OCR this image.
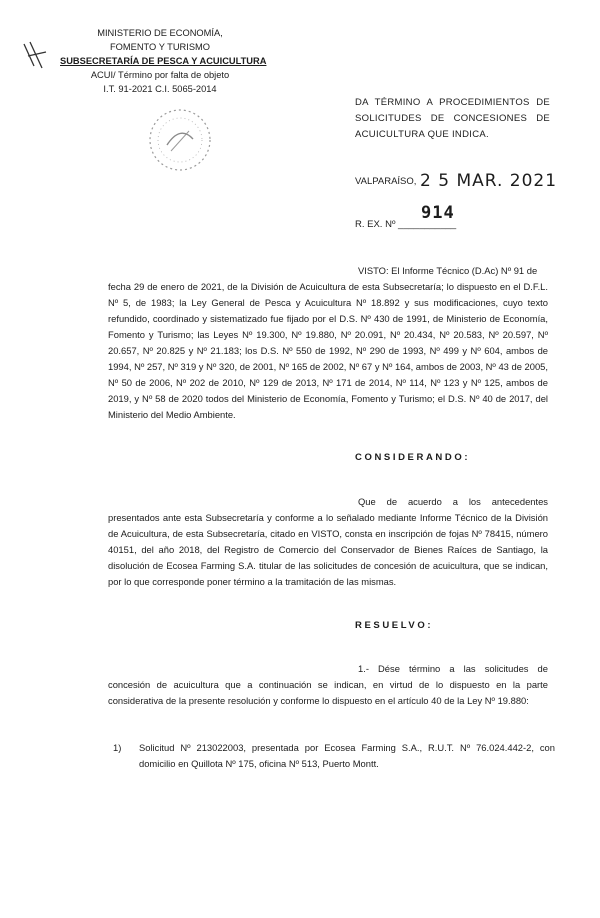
MINISTERIO DE ECONOMÍA,
FOMENTO Y TURISMO
SUBSECRETARÍA DE PESCA Y ACUICULTURA
ACUI/ Término por falta de objeto
I.T. 91-2021 C.I. 5065-2014
DA TÉRMINO A PROCEDIMIENTOS DE SOLICITUDES DE CONCESIONES DE ACUICULTURA QUE INDICA.
VALPARAÍSO, 2 5 MAR. 2021
914
R. EX. Nº ___________

VISTO: El Informe Técnico (D.Ac) Nº 91 de
fecha 29 de enero de 2021, de la División de Acuicultura de esta Subsecretaría; lo dispuesto en el D.F.L. Nº 5, de 1983; la Ley General de Pesca y Acuicultura Nº 18.892 y sus modificaciones, cuyo texto refundido, coordinado y sistematizado fue fijado por el D.S. Nº 430 de 1991, de Ministerio de Economía, Fomento y Turismo; las Leyes Nº 19.300, Nº 19.880, Nº 20.091, Nº 20.434, Nº 20.583, Nº 20.597, Nº 20.657, Nº 20.825 y Nº 21.183; los D.S. Nº 550 de 1992, Nº 290 de 1993, Nº 499 y Nº 604, ambos de 1994, Nº 257, Nº 319 y Nº 320, de 2001, Nº 165 de 2002, Nº 67 y Nº 164, ambos de 2003, Nº 43 de 2005, Nº 50 de 2006, Nº 202 de 2010, Nº 129 de 2013, Nº 171 de 2014, Nº 114, Nº 123 y Nº 125, ambos de 2019, y Nº 58 de 2020 todos del Ministerio de Economía, Fomento y Turismo; el D.S. Nº 40 de 2017, del Ministerio del Medio Ambiente.

CONSIDERANDO:

Que de acuerdo a los antecedentes
presentados ante esta Subsecretaría y conforme a lo señalado mediante Informe Técnico de la División de Acuicultura, de esta Subsecretaría, citado en VISTO, consta en inscripción de fojas Nº 78415, número 40151, del año 2018, del Registro de Comercio del Conservador de Bienes Raíces de Santiago, la disolución de Ecosea Farming S.A. titular de las solicitudes de concesión de acuicultura, que se indican, por lo que corresponde poner término a la tramitación de las mismas.

RESUELVO:

1.- Dése término a las solicitudes de
concesión de acuicultura que a continuación se indican, en virtud de lo dispuesto en la parte considerativa de la presente resolución y conforme lo dispuesto en el artículo 40 de la Ley Nº 19.880:

1) Solicitud Nº 213022003, presentada por Ecosea Farming S.A., R.U.T. Nº 76.024.442-2, con domicilio en Quillota Nº 175, oficina Nº 513, Puerto Montt.
